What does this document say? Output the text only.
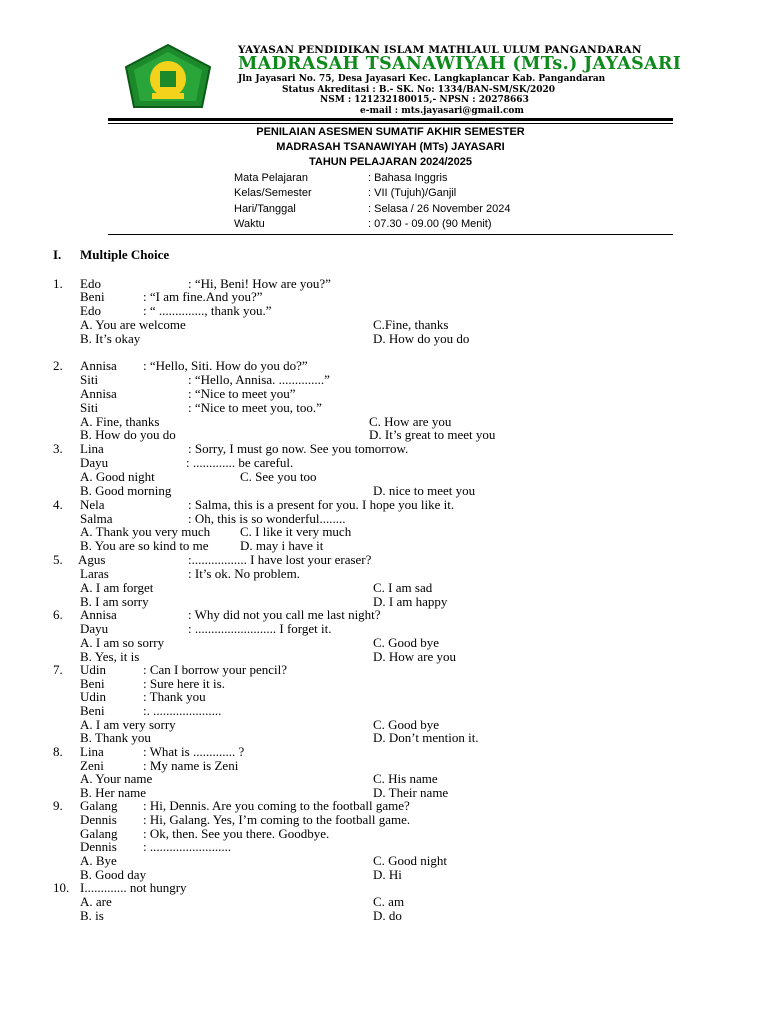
YAYASAN PENDIDIKAN ISLAM MATHLAUL ULUM PANGANDARAN
MADRASAH TSANAWIYAH (MTs.) JAYASARI
Jln Jayasari No. 75, Desa Jayasari Kec. Langkaplancar Kab. Pangandaran
Status Akreditasi : B.- SK. No: 1334/BAN-SM/SK/2020
NSM : 121232180015,- NPSN : 20278663
e-mail : mts.jayasari@gmail.com
PENILAIAN ASESMEN SUMATIF AKHIR SEMESTER
MADRASAH TSANAWIYAH (MTs) JAYASARI
TAHUN PELAJARAN 2024/2025
Mata Pelajaran	: Bahasa Inggris
Kelas/Semester	: VII (Tujuh)/Ganjil
Hari/Tanggal	: Selasa / 26 November 2024
Waktu	: 07.30 - 09.00 (90 Menit)
I. Multiple Choice
1. Edo	: “Hi, Beni! How are you?”
Beni	: “I am fine.And you?”
Edo	: “ .............., thank you.”
A. You are welcome	C.Fine, thanks
B. It’s okay	D. How do you do
2. Annisa : “Hello, Siti. How do you do?”
Siti	: “Hello, Annisa. ..............”
Annisa	: “Nice to meet you”
Siti	: “Nice to meet you, too.”
A. Fine, thanks	C. How are you
B. How do you do	D. It’s great to meet you
3. Lina	: Sorry, I must go now. See you tomorrow.
Dayu	: ............. be careful.
A. Good night	C. See you too
B. Good morning	D. nice to meet you
4. Nela	: Salma, this is a present for you. I hope you like it.
Salma	: Oh, this is so wonderful........
A. Thank you very much C. I like it very much
B. You are so kind to me D. may i have it
5. Agus	:................. I have lost your eraser?
Laras	: It’s ok. No problem.
A. I am forget	C. I am sad
B. I am sorry	D. I am happy
6. Annisa	: Why did not you call me last night?
Dayu	: ......................... I forget it.
A. I am so sorry	C. Good bye
B. Yes, it is	D. How are you
7. Udin	: Can I borrow your pencil?
Beni	: Sure here it is.
Udin	: Thank you
Beni	:. .....................
A. I am very sorry	C. Good bye
B. Thank you	D. Don’t mention it.
8. Lina	: What is ............. ?
Zeni	: My name is Zeni
A. Your name	C. His name
B. Her name	D. Their name
9. Galang : Hi, Dennis. Are you coming to the football game?
Dennis : Hi, Galang. Yes, I’m coming to the football game.
Galang : Ok, then. See you there. Goodbye.
Dennis : .........................
A. Bye	C. Good night
B. Good day	D. Hi
10. I............. not hungry
A. are	C. am
B. is	D. do
